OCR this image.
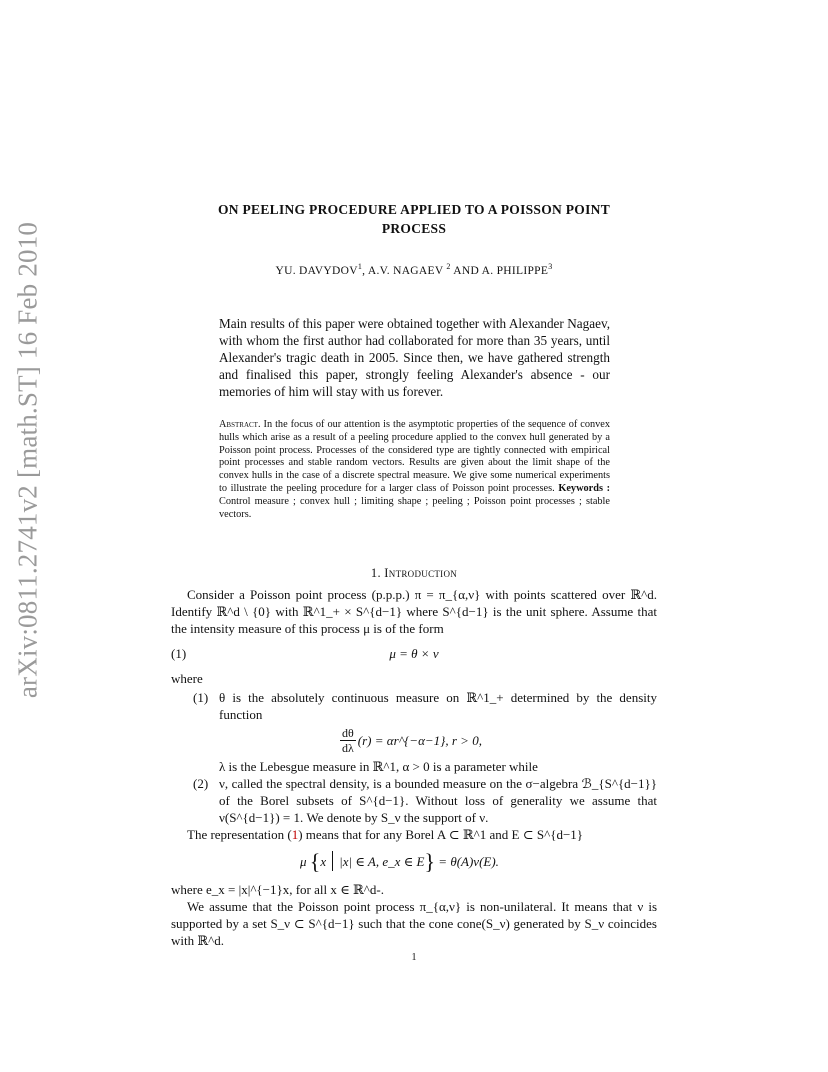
arXiv:0811.2741v2 [math.ST] 16 Feb 2010
ON PEELING PROCEDURE APPLIED TO A POISSON POINT
PROCESS
YU. DAVYDOV$^1$, A.V. NAGAEV $^2$ AND A. PHILIPPE$^3$
Main results of this paper were obtained together with Alexander Nagaev, with whom the first author had collaborated for more than 35 years, until Alexander's tragic death in 2005. Since then, we have gathered strength and finalised this paper, strongly feeling Alexander's absence - our memories of him will stay with us forever.
Abstract. In the focus of our attention is the asymptotic properties of the sequence of convex hulls which arise as a result of a peeling procedure applied to the convex hull generated by a Poisson point process. Processes of the considered type are tightly connected with empirical point processes and stable random vectors. Results are given about the limit shape of the convex hulls in the case of a discrete spectral measure. We give some numerical experiments to illustrate the peeling procedure for a larger class of Poisson point processes. Keywords : Control measure ; convex hull ; limiting shape ; peeling ; Poisson point processes ; stable vectors.
1. Introduction
Consider a Poisson point process (p.p.p.) π = π_{α,ν} with points scattered over ℝ^d. Identify ℝ^d \ {0} with ℝ^1_+ × S^{d−1} where S^{d−1} is the unit sphere. Assume that the intensity measure of this process μ is of the form
(1)	μ = θ × ν
where
(1) θ is the absolutely continuous measure on ℝ^1_+ determined by the density function
$\frac{d\theta}{d\lambda} (r)$ = αr^{−α−1}, r > 0,
λ is the Lebesgue measure in ℝ^1, α > 0 is a parameter while
(2) ν, called the spectral density, is a bounded measure on the σ−algebra ℬ_{S^{d−1}} of the Borel subsets of S^{d−1}. Without loss of generality we assume that ν(S^{d−1}) = 1. We denote by S_ν the support of ν.
The representation (1) means that for any Borel A ⊂ ℝ^1 and E ⊂ S^{d−1}
μ {x |x| ∈ A, e_x ∈ E} = θ(A)ν(E).
where e_x = |x|^{−1}x, for all x ∈ ℝ^d-.
We assume that the Poisson point process π_{α,ν} is non-unilateral. It means that ν is supported by a set S_ν ⊂ S^{d−1} such that the cone cone(S_ν) generated by S_ν coincides with ℝ^d.
1
